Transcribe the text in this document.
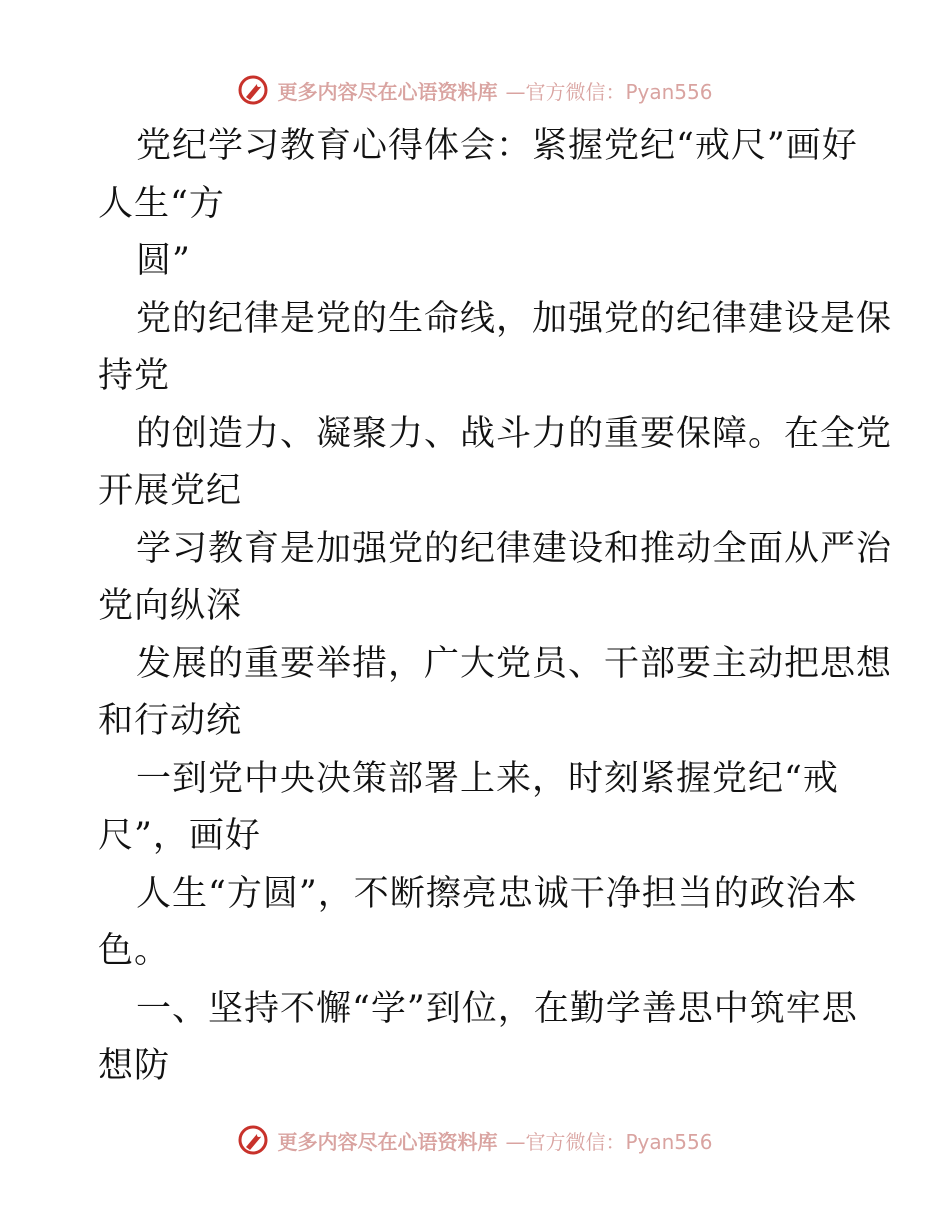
更多内容尽在心语资料库 —官方微信：Pyan556
党纪学习教育心得体会：紧握党纪“戒尺”画好
人生“方
圆”
党的纪律是党的生命线，加强党的纪律建设是保
持党
的创造力、凝聚力、战斗力的重要保障。在全党
开展党纪
学习教育是加强党的纪律建设和推动全面从严治
党向纵深
发展的重要举措，广大党员、干部要主动把思想
和行动统
一到党中央决策部署上来，时刻紧握党纪“戒
尺”，画好
人生“方圆”，不断擦亮忠诚干净担当的政治本
色。
一、坚持不懈“学”到位，在勤学善思中筑牢思
想防
更多内容尽在心语资料库 —官方微信：Pyan556
